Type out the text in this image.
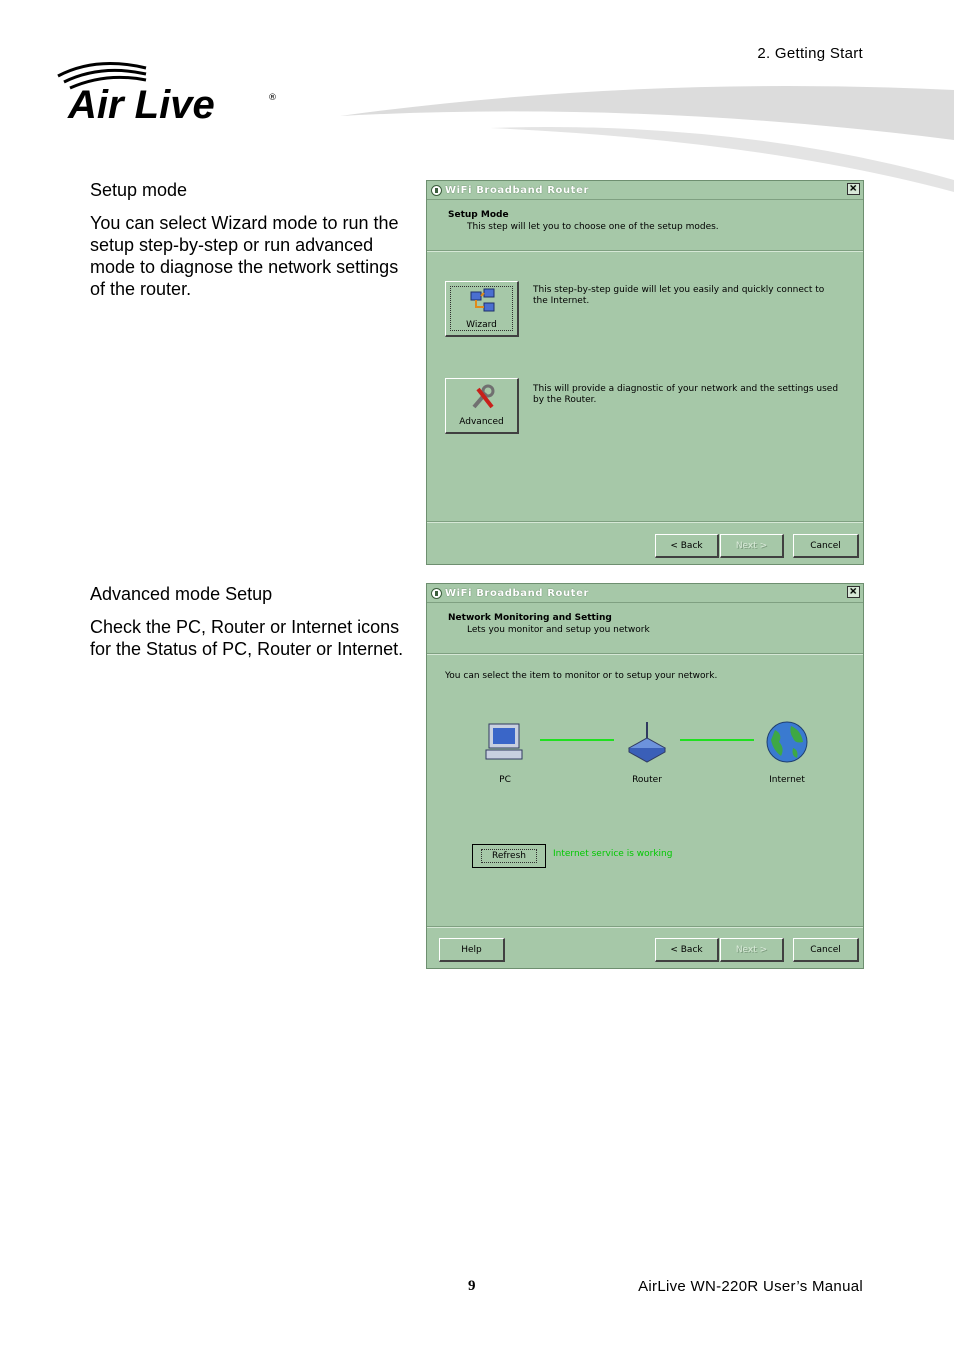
2. Getting Start
Air Live	®
Setup mode
You can select Wizard mode to run the setup step-by-step or run advanced mode to diagnose the network settings of the router.
WiFi Broadband Router	×
Setup Mode
This step will let you to choose one of the setup modes.
Wizard
This step-by-step guide will let you easily and quickly connect to the Internet.
Advanced
This will provide a diagnostic of your network and the settings used by the Router.
< Back	Next >	Cancel
Advanced mode Setup
Check the PC, Router or Internet icons for the Status of PC, Router or Internet.
WiFi Broadband Router	×
Network Monitoring and Setting
Lets you monitor and setup you network
You can select the item to monitor or to setup your network.
PC	Router	Internet
Refresh	Internet service is working
Help	< Back	Next >	Cancel
9	AirLive WN-220R User’s Manual
